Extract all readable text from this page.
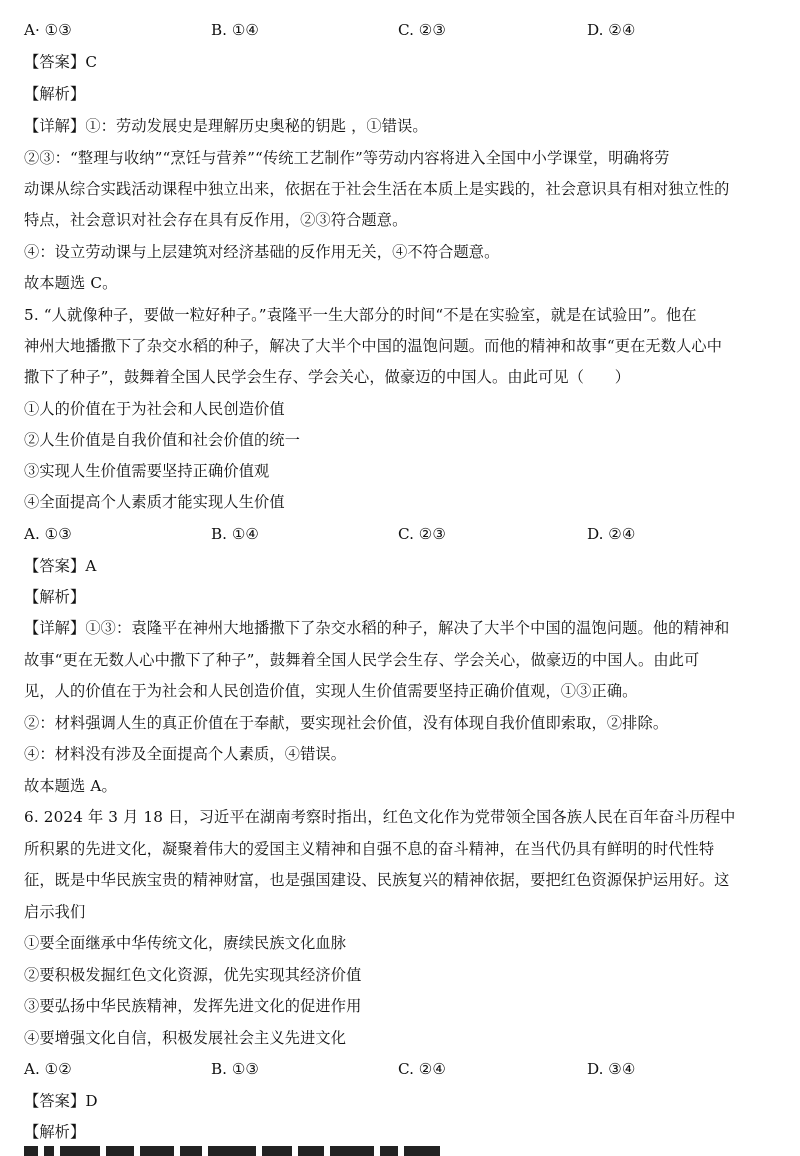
A· ①③	B. ①④	C. ②③	D. ②④
【答案】C
【解析】
【详解】①：劳动发展史是理解历史奥秘的钥匙 ，①错误。
②③：“整理与收纳”“烹饪与营养”“传统工艺制作”等劳动内容将进入全国中小学课堂，明确将劳
动课从综合实践活动课程中独立出来，依据在于社会生活在本质上是实践的，社会意识具有相对独立性的
特点，社会意识对社会存在具有反作用，②③符合题意。
④：设立劳动课与上层建筑对经济基础的反作用无关，④不符合题意。
故本题选 C。
5. “人就像种子，要做一粒好种子。”袁隆平一生大部分的时间“不是在实验室，就是在试验田”。他在
神州大地播撒下了杂交水稻的种子，解决了大半个中国的温饱问题。而他的精神和故事“更在无数人心中
撒下了种子”，鼓舞着全国人民学会生存、学会关心，做豪迈的中国人。由此可见（　　）
①人的价值在于为社会和人民创造价值
②人生价值是自我价值和社会价值的统一
③实现人生价值需要坚持正确价值观
④全面提高个人素质才能实现人生价值
A. ①③	B. ①④	C. ②③	D. ②④
【答案】A
【解析】
【详解】①③：袁隆平在神州大地播撒下了杂交水稻的种子，解决了大半个中国的温饱问题。他的精神和
故事“更在无数人心中撒下了种子”，鼓舞着全国人民学会生存、学会关心，做豪迈的中国人。由此可
见，人的价值在于为社会和人民创造价值，实现人生价值需要坚持正确价值观，①③正确。
②：材料强调人生的真正价值在于奉献，要实现社会价值，没有体现自我价值即索取，②排除。
④：材料没有涉及全面提高个人素质，④错误。
故本题选 A。
6. 2024 年 3 月 18 日，习近平在湖南考察时指出，红色文化作为党带领全国各族人民在百年奋斗历程中
所积累的先进文化，凝聚着伟大的爱国主义精神和自强不息的奋斗精神，在当代仍具有鲜明的时代性特
征，既是中华民族宝贵的精神财富，也是强国建设、民族复兴的精神依据，要把红色资源保护运用好。这
启示我们
①要全面继承中华传统文化，赓续民族文化血脉
②要积极发掘红色文化资源，优先实现其经济价值
③要弘扬中华民族精神，发挥先进文化的促进作用
④要增强文化自信，积极发展社会主义先进文化
A. ①②	B. ①③	C. ②④	D. ③④
【答案】D
【解析】
